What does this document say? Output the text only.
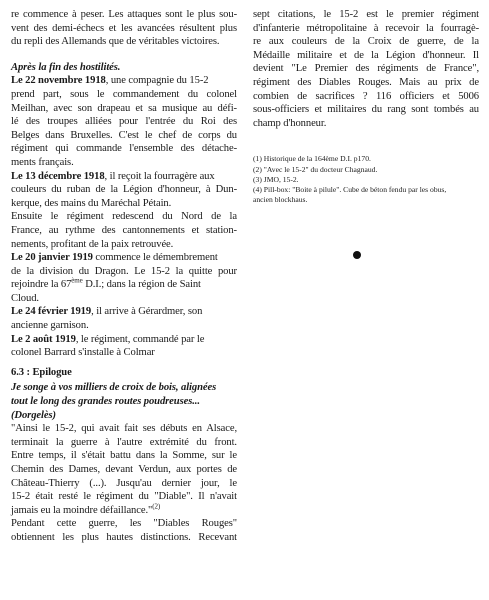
re commence à peser. Les attaques sont le plus sou-
vent des demi-échecs et les avancées résultent plus
du repli des Allemands que de véritables victoires.
Après la fin des hostilités.
Le 22 novembre 1918, une compagnie du 15-2
prend part, sous le commandement du colonel
Meilhan, avec son drapeau et sa musique au défi-
lé des troupes alliées pour l'entrée du Roi des
Belges dans Bruxelles. C'est le chef de corps du
régiment qui commande l'ensemble des détache-
ments français.
Le 13 décembre 1918, il reçoit la fourragère aux
couleurs du ruban de la Légion d'honneur, à Dun-
kerque, des mains du Maréchal Pétain.
Ensuite le régiment redescend du Nord de la
France, au rythme des cantonnements et station-
nements, profitant de la paix retrouvée.
Le 20 janvier 1919 commence le démembrement
de la division du Dragon. Le 15-2 la quitte pour
rejoindre la 67ème D.I.; dans la région de Saint
Cloud.
Le 24 février 1919, il arrive à Gérardmer, son
ancienne garnison.
Le 2 août 1919, le régiment, commandé par le
colonel Barrard s'installe à Colmar
6.3 : Epilogue
Je songe à vos milliers de croix de bois, alignées
tout le long des grandes routes poudreuses...
(Dorgelès)
"Ainsi le 15-2, qui avait fait ses débuts en Alsace,
terminait la guerre à l'autre extrémité du front.
Entre temps, il s'était battu dans la Somme, sur le
Chemin des Dames, devant Verdun, aux portes de
Château-Thierry (...). Jusqu'au dernier jour, le
15-2 était resté le régiment du "Diable". Il n'avait
jamais eu la moindre défaillance."$^{(2)}$
Pendant cette guerre, les "Diables Rouges"
obtiennent les plus hautes distinctions. Recevant
sept citations, le 15-2 est le premier régiment
d'infanterie métropolitaine à recevoir la fourragè-
re aux couleurs de la Croix de guerre, de la
Médaille militaire et de la Légion d'honneur. Il
devient "Le Premier des régiments de France",
régiment des Diables Rouges. Mais au prix de
combien de sacrifices ? 116 officiers et 5006
sous-officiers et militaires du rang sont tombés au
champ d'honneur.
(1) Historique de la 164ème D.I. p170.
(2) "Avec le 15-2" du docteur Chagnaud.
(3) JMO, 15-2.
(4) Pill-box: "Boite à pilule". Cube de béton fendu par les obus,
ancien blockhaus.
